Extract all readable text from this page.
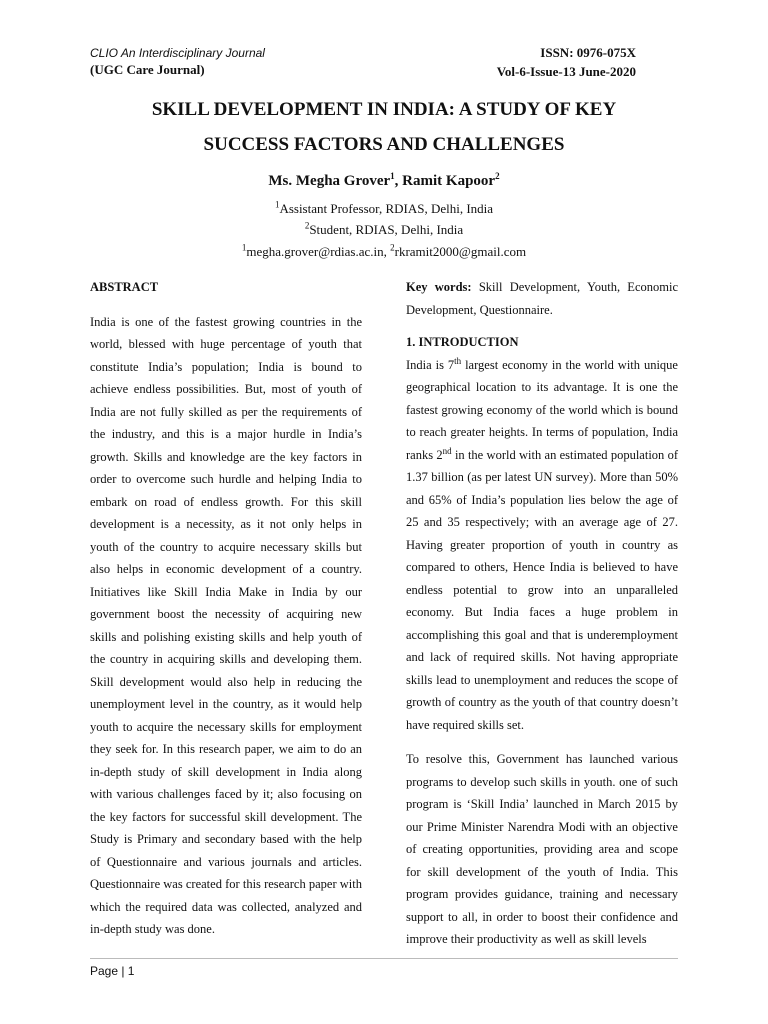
CLIO An Interdisciplinary Journal
(UGC Care Journal)
ISSN: 0976-075X
Vol-6-Issue-13 June-2020
SKILL DEVELOPMENT IN INDIA: A STUDY OF KEY
SUCCESS FACTORS AND CHALLENGES
Ms. Megha Grover$^1$, Ramit Kapoor$^2$
$^1$Assistant Professor, RDIAS, Delhi, India
$^2$Student, RDIAS, Delhi, India
$^1$megha.grover@rdias.ac.in, $^2$rkramit2000@gmail.com
ABSTRACT

India is one of the fastest growing countries in the world, blessed with huge percentage of youth that constitute India’s population; India is bound to achieve endless possibilities. But, most of youth of India are not fully skilled as per the requirements of the industry, and this is a major hurdle in India’s growth. Skills and knowledge are the key factors in order to overcome such hurdle and helping India to embark on road of endless growth. For this skill development is a necessity, as it not only helps in youth of the country to acquire necessary skills but also helps in economic development of a country. Initiatives like Skill India Make in India by our government boost the necessity of acquiring new skills and polishing existing skills and help youth of the country in acquiring skills and developing them. Skill development would also help in reducing the unemployment level in the country, as it would help youth to acquire the necessary skills for employment they seek for. In this research paper, we aim to do an in-depth study of skill development in India along with various challenges faced by it; also focusing on the key factors for successful skill development. The Study is Primary and secondary based with the help of Questionnaire and various journals and articles. Questionnaire was created for this research paper with which the required data was collected, analyzed and in-depth study was done.

Key words: Skill Development, Youth, Economic Development, Questionnaire.

1. INTRODUCTION

India is 7th largest economy in the world with unique geographical location to its advantage. It is one the fastest growing economy of the world which is bound to reach greater heights. In terms of population, India ranks 2nd in the world with an estimated population of 1.37 billion (as per latest UN survey). More than 50% and 65% of India’s population lies below the age of 25 and 35 respectively; with an average age of 27. Having greater proportion of youth in country as compared to others, Hence India is believed to have endless potential to grow into an unparalleled economy. But India faces a huge problem in accomplishing this goal and that is underemployment and lack of required skills. Not having appropriate skills lead to unemployment and reduces the scope of growth of country as the youth of that country doesn’t have required skills set.

To resolve this, Government has launched various programs to develop such skills in youth. one of such program is ‘Skill India’ launched in March 2015 by our Prime Minister Narendra Modi with an objective of creating opportunities, providing area and scope for skill development of the youth of India. This program provides guidance, training and necessary support to all, in order to boost their confidence and improve their productivity as well as skill levels

Page | 1
